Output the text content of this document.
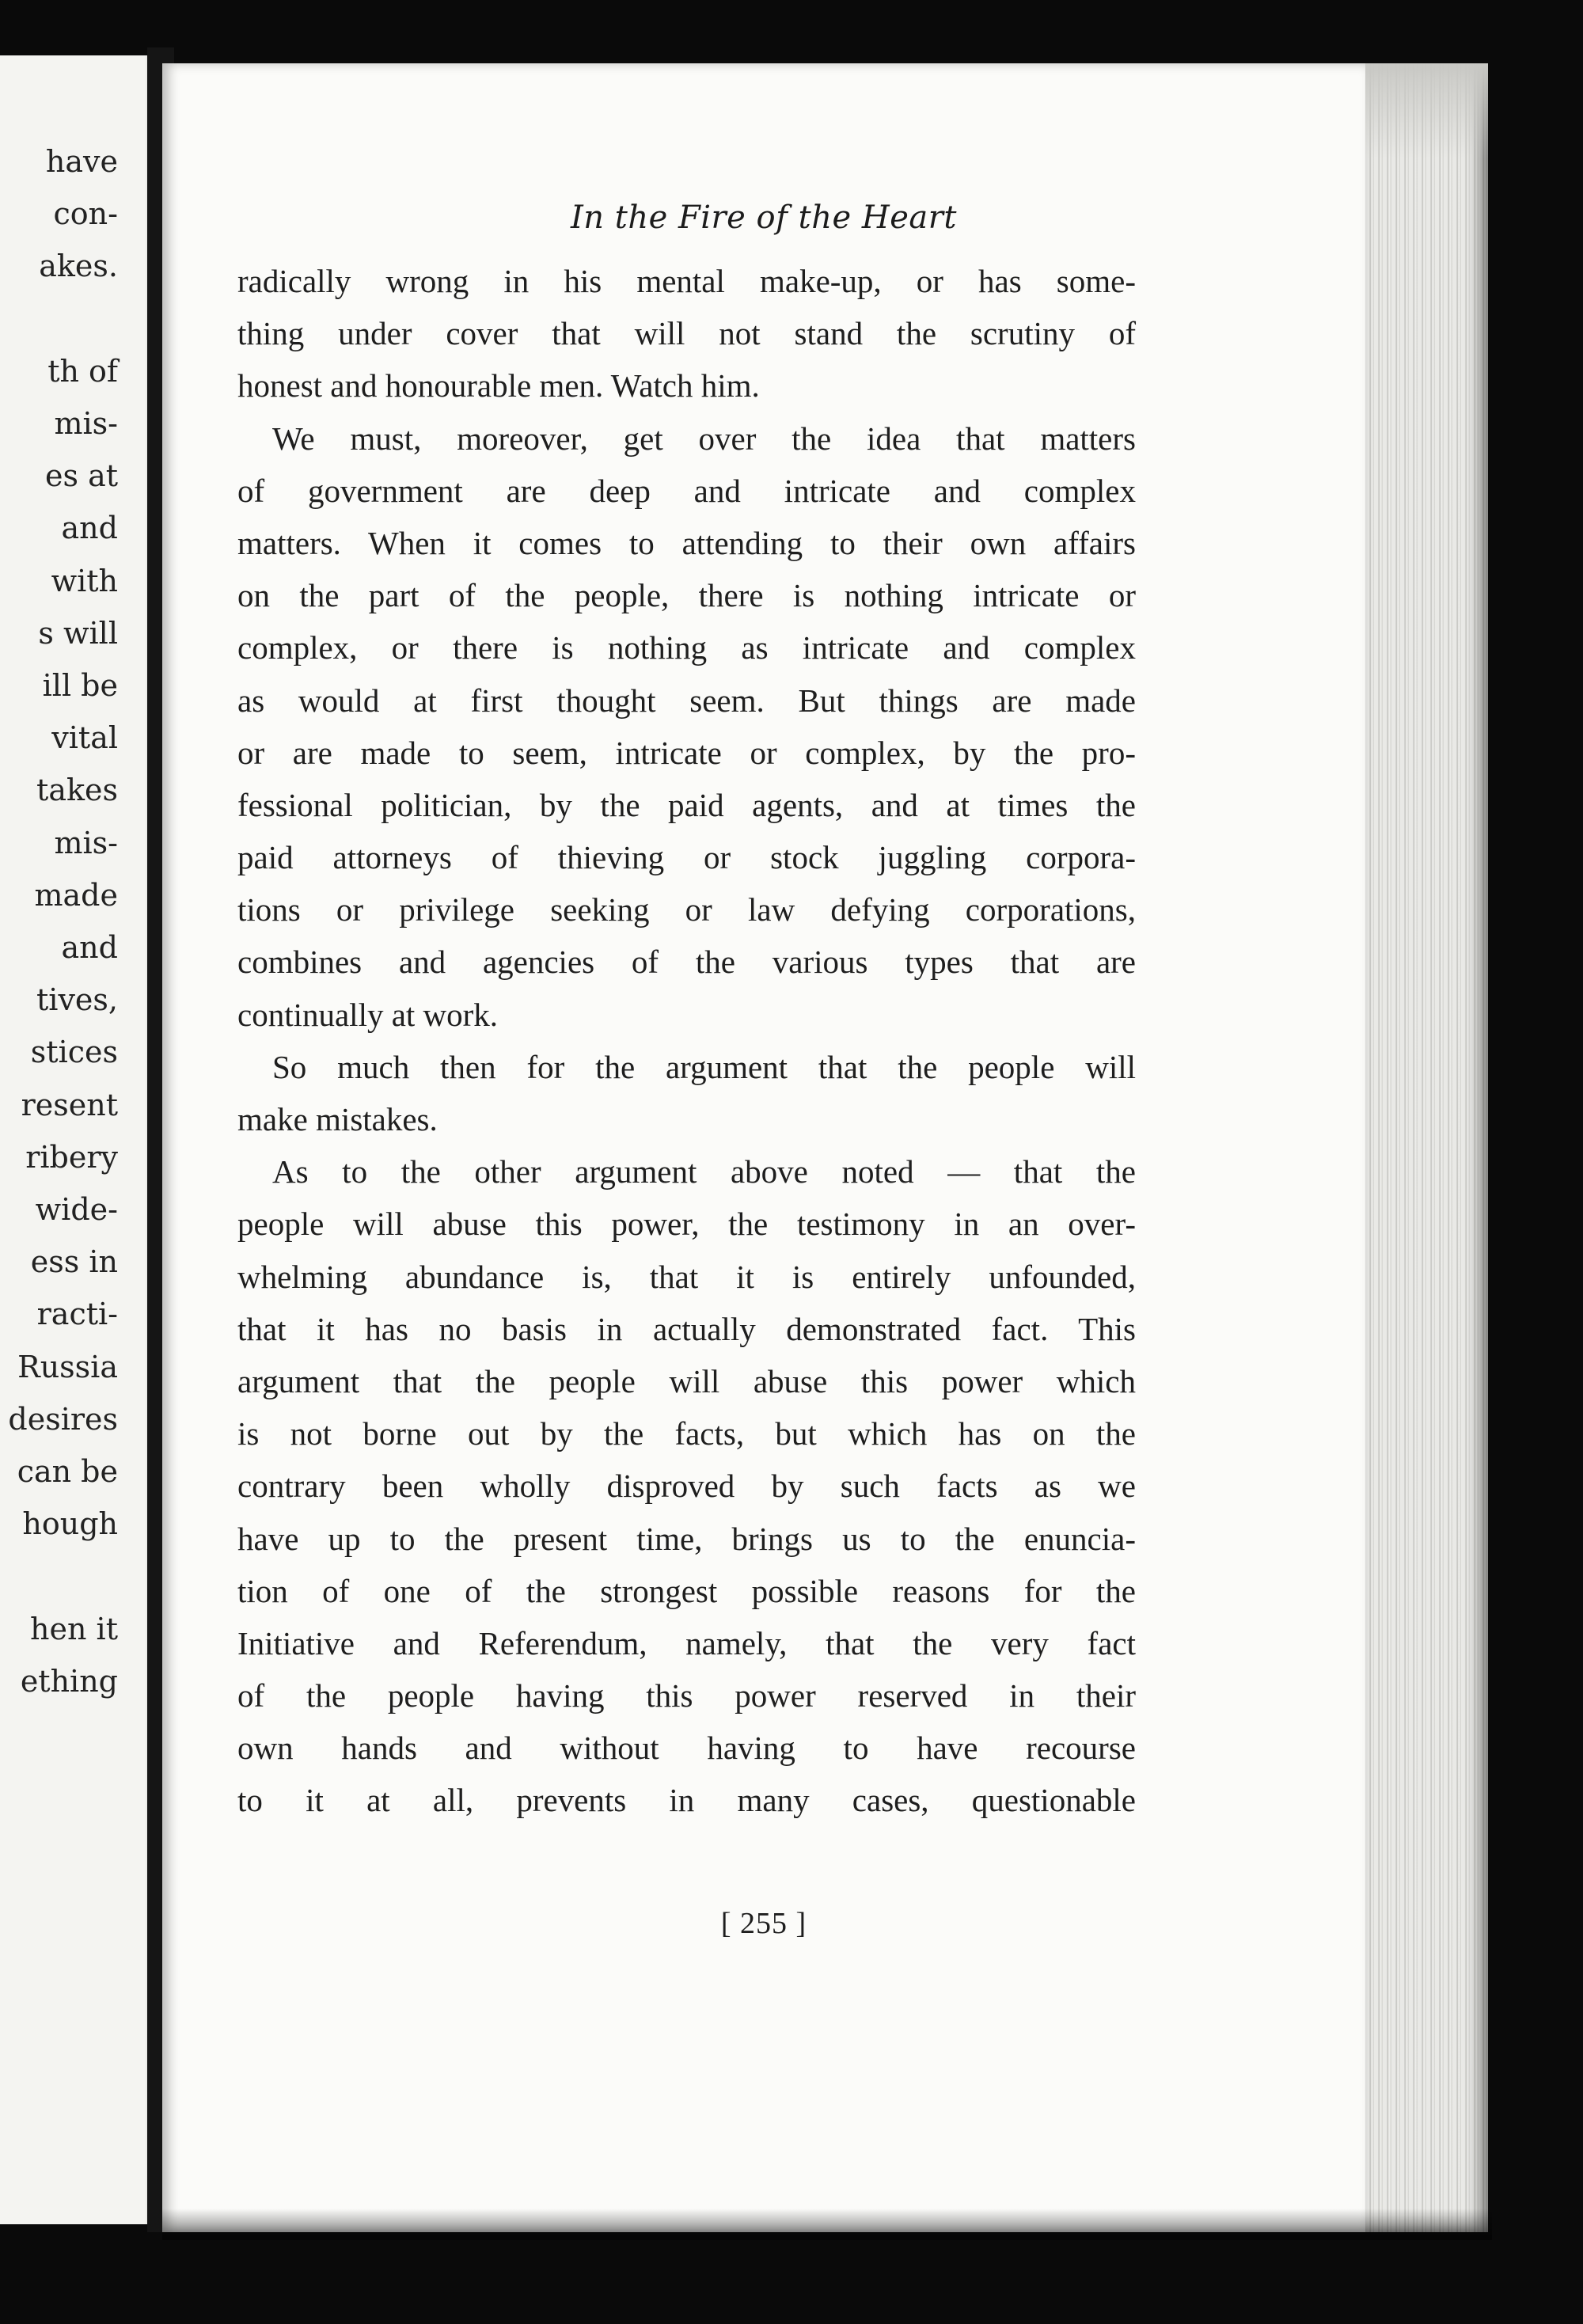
have
con-
akes.
th of
mis-
es at
and
with
s will
ill be
vital
takes
mis-
made
and
tives,
stices
resent
ribery
wide-
ess in
racti-
Russia
desires
can be
hough
hen it
ething
In the Fire of the Heart
radically wrong in his mental make-up, or has some-
thing under cover that will not stand the scrutiny of
honest and honourable men. Watch him.
We must, moreover, get over the idea that matters
of government are deep and intricate and complex
matters. When it comes to attending to their own affairs
on the part of the people, there is nothing intricate or
complex, or there is nothing as intricate and complex
as would at first thought seem. But things are made
or are made to seem, intricate or complex, by the pro-
fessional politician, by the paid agents, and at times the
paid attorneys of thieving or stock juggling corpora-
tions or privilege seeking or law defying corporations,
combines and agencies of the various types that are
continually at work.
So much then for the argument that the people will
make mistakes.
As to the other argument above noted — that the
people will abuse this power, the testimony in an over-
whelming abundance is, that it is entirely unfounded,
that it has no basis in actually demonstrated fact. This
argument that the people will abuse this power which
is not borne out by the facts, but which has on the
contrary been wholly disproved by such facts as we
have up to the present time, brings us to the enuncia-
tion of one of the strongest possible reasons for the
Initiative and Referendum, namely, that the very fact
of the people having this power reserved in their
own hands and without having to have recourse
to it at all, prevents in many cases, questionable
[ 255 ]
